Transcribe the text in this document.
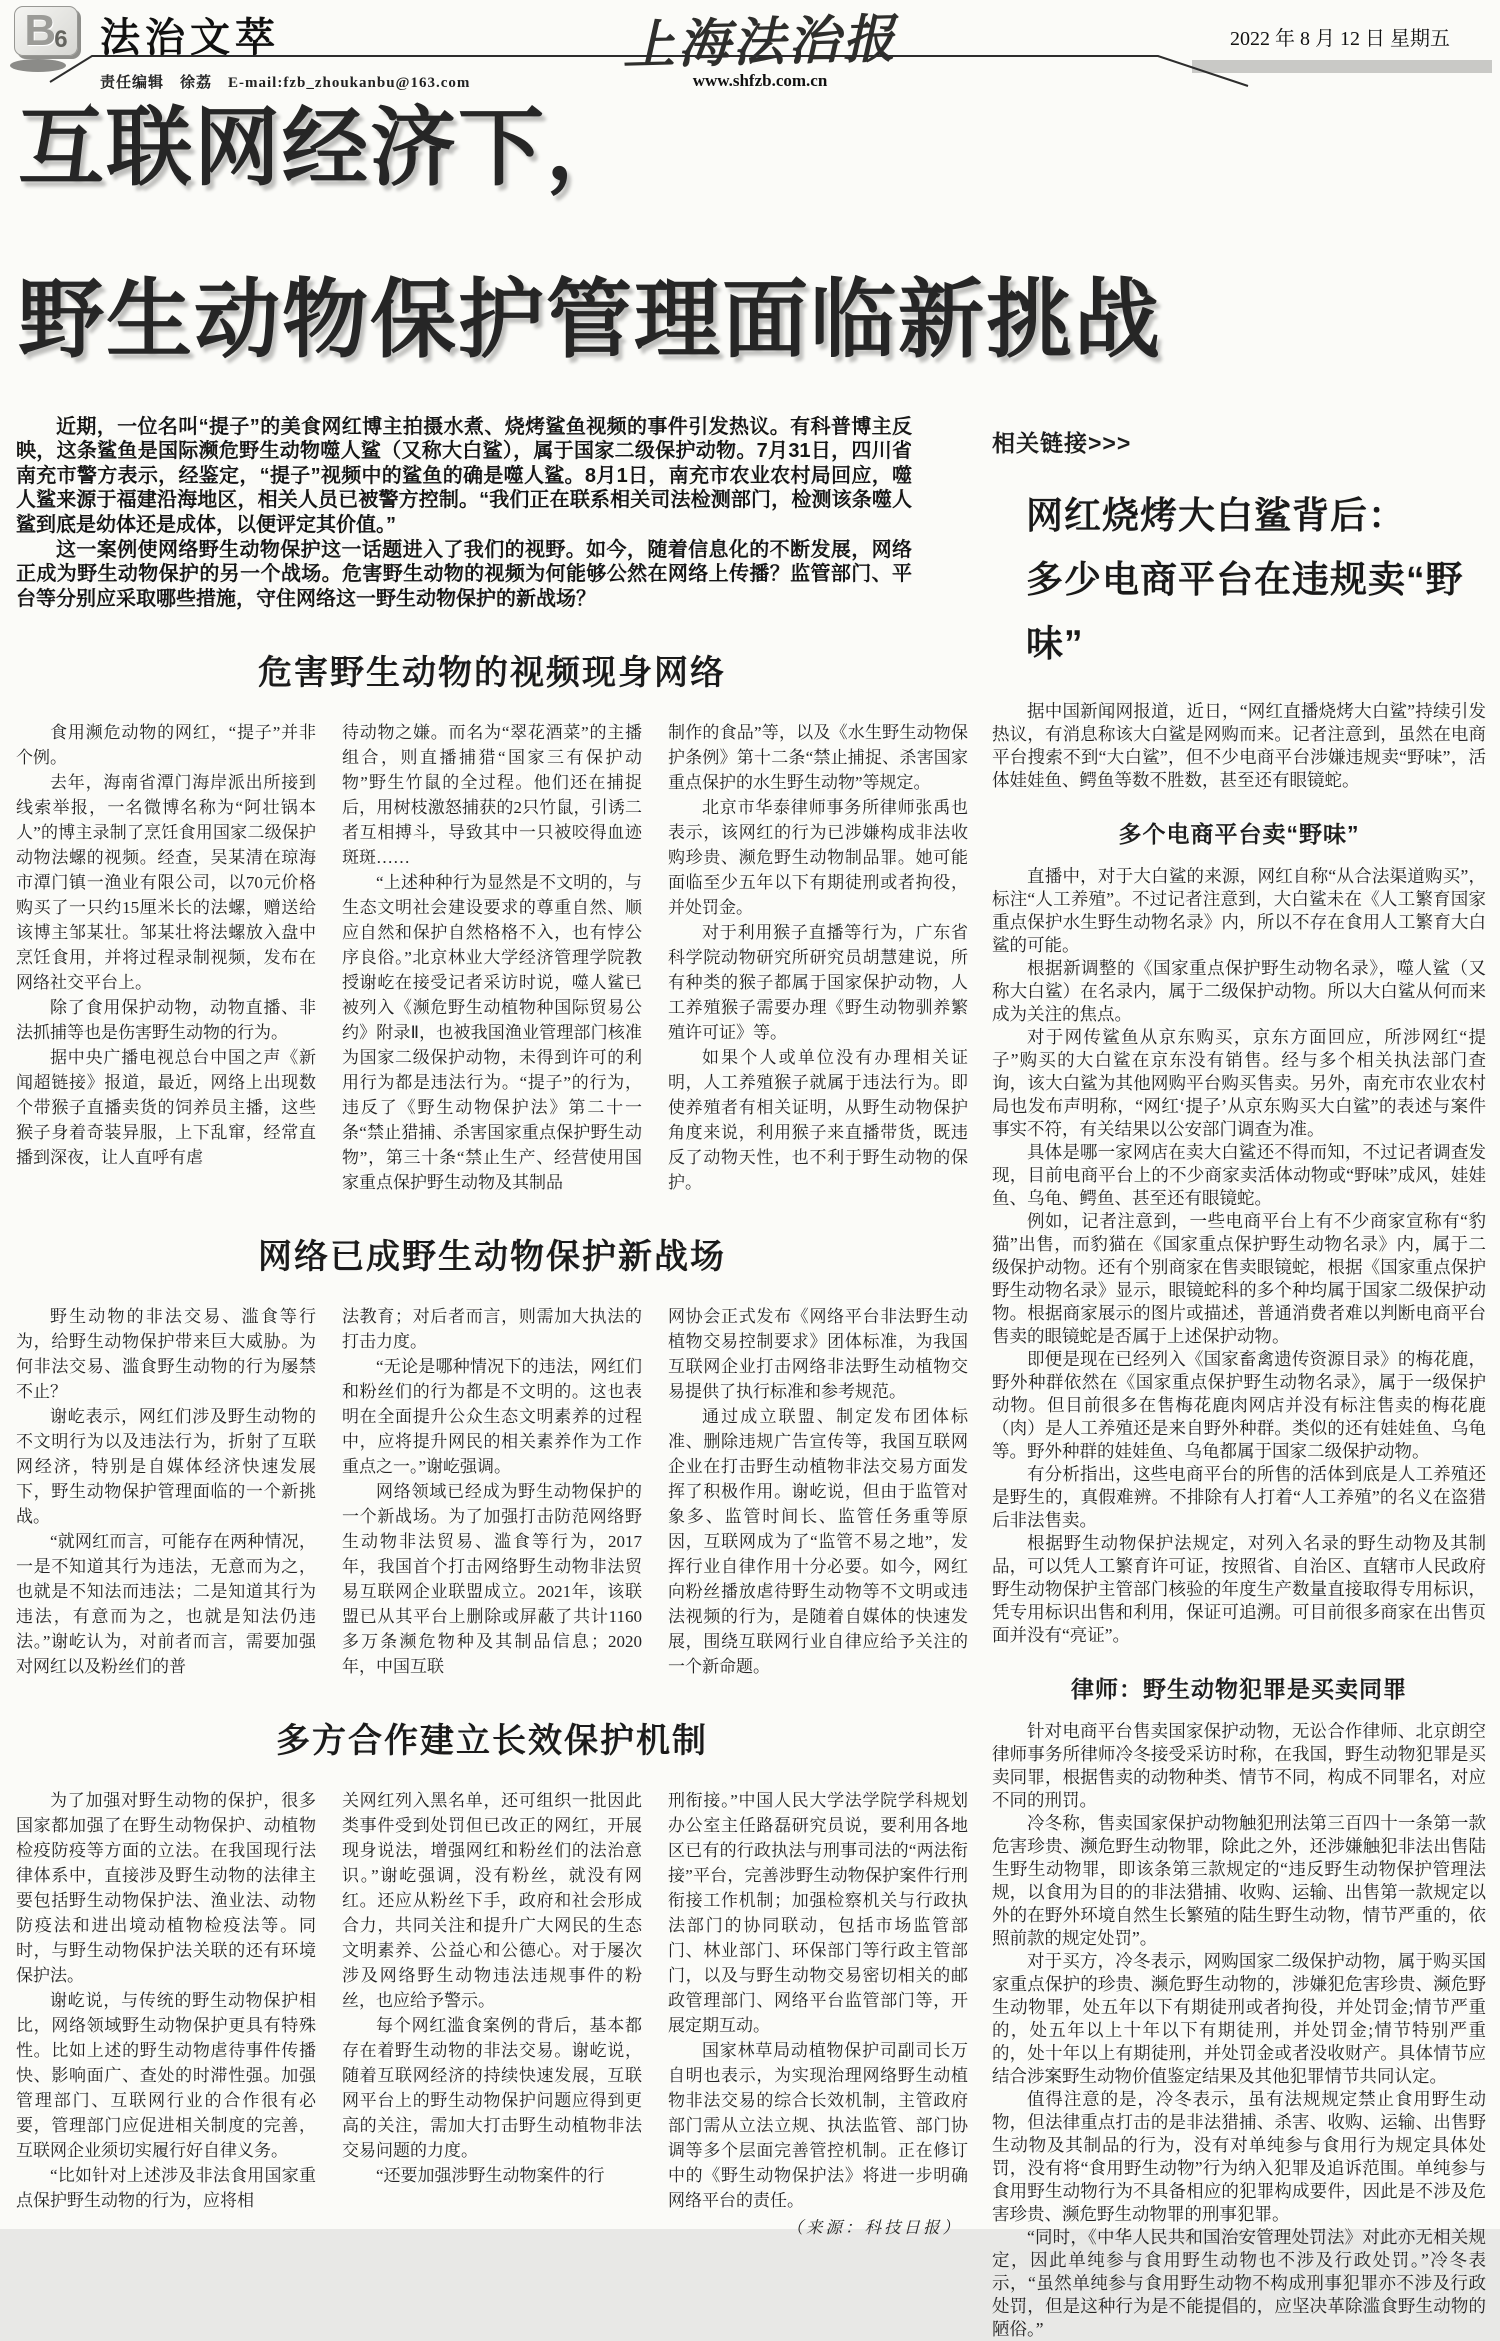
B
6 法治文萃
责任编辑　徐荔　E-mail:fzb_zhoukanbu@163.com
上海法治报
www.shfzb.com.cn
2022 年 8 月 12 日 星期五
互联网经济下，
野生动物保护管理面临新挑战

近期，一位名叫“提子”的美食网红博主拍摄水煮、烧烤鲨鱼视频的事件引发热议。有科普博主反映，这条鲨鱼是国际濒危野生动物噬人鲨（又称大白鲨），属于国家二级保护动物。7月31日，四川省南充市警方表示，经鉴定，“提子”视频中的鲨鱼的确是噬人鲨。8月1日，南充市农业农村局回应，噬人鲨来源于福建沿海地区，相关人员已被警方控制。“我们正在联系相关司法检测部门，检测该条噬人鲨到底是幼体还是成体，以便评定其价值。”

这一案例使网络野生动物保护这一话题进入了我们的视野。如今，随着信息化的不断发展，网络正成为野生动物保护的另一个战场。危害野生动物的视频为何能够公然在网络上传播？监管部门、平台等分别应采取哪些措施，守住网络这一野生动物保护的新战场？

危害野生动物的视频现身网络

食用濒危动物的网红，“提子”并非个例。

去年，海南省潭门海岸派出所接到线索举报，一名微博名称为“阿壮锅本人”的博主录制了烹饪食用国家二级保护动物法螺的视频。经查，吴某清在琼海市潭门镇一渔业有限公司，以70元价格购买了一只约15厘米长的法螺，赠送给该博主邹某壮。邹某壮将法螺放入盘中烹饪食用，并将过程录制视频，发布在网络社交平台上。

除了食用保护动物，动物直播、非法抓捕等也是伤害野生动物的行为。

据中央广播电视总台中国之声《新闻超链接》报道，最近，网络上出现数个带猴子直播卖货的饲养员主播，这些猴子身着奇装异服，上下乱窜，经常直播到深夜，让人直呼有虐

待动物之嫌。而名为“翠花酒菜”的主播组合，则直播捕猎“国家三有保护动物”野生竹鼠的全过程。他们还在捕捉后，用树枝激怒捕获的2只竹鼠，引诱二者互相搏斗，导致其中一只被咬得血迹斑斑……

“上述种种行为显然是不文明的，与生态文明社会建设要求的尊重自然、顺应自然和保护自然格格不入，也有悖公序良俗。”北京林业大学经济管理学院教授谢屹在接受记者采访时说，噬人鲨已被列入《濒危野生动植物种国际贸易公约》附录Ⅱ，也被我国渔业管理部门核准为国家二级保护动物，未得到许可的利用行为都是违法行为。“提子”的行为，违反了《野生动物保护法》第二十一条“禁止猎捕、杀害国家重点保护野生动物”，第三十条“禁止生产、经营使用国家重点保护野生动物及其制品

制作的食品”等，以及《水生野生动物保护条例》第十二条“禁止捕捉、杀害国家重点保护的水生野生动物”等规定。

北京市华泰律师事务所律师张禹也表示，该网红的行为已涉嫌构成非法收购珍贵、濒危野生动物制品罪。她可能面临至少五年以下有期徒刑或者拘役，并处罚金。

对于利用猴子直播等行为，广东省科学院动物研究所研究员胡慧建说，所有种类的猴子都属于国家保护动物，人工养殖猴子需要办理《野生动物驯养繁殖许可证》等。

如果个人或单位没有办理相关证明，人工养殖猴子就属于违法行为。即使养殖者有相关证明，从野生动物保护角度来说，利用猴子来直播带货，既违反了动物天性，也不利于野生动物的保护。

网络已成野生动物保护新战场

野生动物的非法交易、滥食等行为，给野生动物保护带来巨大威胁。为何非法交易、滥食野生动物的行为屡禁不止？

谢屹表示，网红们涉及野生动物的不文明行为以及违法行为，折射了互联网经济，特别是自媒体经济快速发展下，野生动物保护管理面临的一个新挑战。

“就网红而言，可能存在两种情况，一是不知道其行为违法，无意而为之，也就是不知法而违法；二是知道其行为违法，有意而为之，也就是知法仍违法。”谢屹认为，对前者而言，需要加强对网红以及粉丝们的普

法教育；对后者而言，则需加大执法的打击力度。

“无论是哪种情况下的违法，网红们和粉丝们的行为都是不文明的。这也表明在全面提升公众生态文明素养的过程中，应将提升网民的相关素养作为工作重点之一。”谢屹强调。

网络领域已经成为野生动物保护的一个新战场。为了加强打击防范网络野生动物非法贸易、滥食等行为，2017年，我国首个打击网络野生动物非法贸易互联网企业联盟成立。2021年，该联盟已从其平台上删除或屏蔽了共计1160多万条濒危物种及其制品信息；2020年，中国互联

网协会正式发布《网络平台非法野生动植物交易控制要求》团体标准，为我国互联网企业打击网络非法野生动植物交易提供了执行标准和参考规范。

通过成立联盟、制定发布团体标准、删除违规广告宣传等，我国互联网企业在打击野生动植物非法交易方面发挥了积极作用。谢屹说，但由于监管对象多、监管时间长、监管任务重等原因，互联网成为了“监管不易之地”，发挥行业自律作用十分必要。如今，网红向粉丝播放虐待野生动物等不文明或违法视频的行为，是随着自媒体的快速发展，围绕互联网行业自律应给予关注的一个新命题。

多方合作建立长效保护机制

为了加强对野生动物的保护，很多国家都加强了在野生动物保护、动植物检疫防疫等方面的立法。在我国现行法律体系中，直接涉及野生动物的法律主要包括野生动物保护法、渔业法、动物防疫法和进出境动植物检疫法等。同时，与野生动物保护法关联的还有环境保护法。

谢屹说，与传统的野生动物保护相比，网络领域野生动物保护更具有特殊性。比如上述的野生动物虐待事件传播快、影响面广、查处的时滞性强。加强管理部门、互联网行业的合作很有必要，管理部门应促进相关制度的完善，互联网企业须切实履行好自律义务。

“比如针对上述涉及非法食用国家重点保护野生动物的行为，应将相

关网红列入黑名单，还可组织一批因此类事件受到处罚但已改正的网红，开展现身说法，增强网红和粉丝们的法治意识。”谢屹强调，没有粉丝，就没有网红。还应从粉丝下手，政府和社会形成合力，共同关注和提升广大网民的生态文明素养、公益心和公德心。对于屡次涉及网络野生动物违法违规事件的粉丝，也应给予警示。

每个网红滥食案例的背后，基本都存在着野生动物的非法交易。谢屹说，随着互联网经济的持续快速发展，互联网平台上的野生动物保护问题应得到更高的关注，需加大打击野生动植物非法交易问题的力度。

“还要加强涉野生动物案件的行

刑衔接。”中国人民大学法学院学科规划办公室主任路磊研究员说，要利用各地区已有的行政执法与刑事司法的“两法衔接”平台，完善涉野生动物保护案件行刑衔接工作机制；加强检察机关与行政执法部门的协同联动，包括市场监管部门、林业部门、环保部门等行政主管部门，以及与野生动物交易密切相关的邮政管理部门、网络平台监管部门等，开展定期互动。

国家林草局动植物保护司副司长万自明也表示，为实现治理网络野生动植物非法交易的综合长效机制，主管政府部门需从立法立规、执法监管、部门协调等多个层面完善管控机制。正在修订中的《野生动物保护法》将进一步明确网络平台的责任。

（来源：科技日报）

相关链接>>>
网红烧烤大白鲨背后：
多少电商平台在违规卖“野味”

据中国新闻网报道，近日，“网红直播烧烤大白鲨”持续引发热议，有消息称该大白鲨是网购而来。记者注意到，虽然在电商平台搜索不到“大白鲨”，但不少电商平台涉嫌违规卖“野味”，活体娃娃鱼、鳄鱼等数不胜数，甚至还有眼镜蛇。

多个电商平台卖“野味”

直播中，对于大白鲨的来源，网红自称“从合法渠道购买”，标注“人工养殖”。不过记者注意到，大白鲨未在《人工繁育国家重点保护水生野生动物名录》内，所以不存在食用人工繁育大白鲨的可能。

根据新调整的《国家重点保护野生动物名录》，噬人鲨（又称大白鲨）在名录内，属于二级保护动物。所以大白鲨从何而来成为关注的焦点。

对于网传鲨鱼从京东购买，京东方面回应，所涉网红“提子”购买的大白鲨在京东没有销售。经与多个相关执法部门查询，该大白鲨为其他网购平台购买售卖。另外，南充市农业农村局也发布声明称，“网红‘提子’从京东购买大白鲨”的表述与案件事实不符，有关结果以公安部门调查为准。

具体是哪一家网店在卖大白鲨还不得而知，不过记者调查发现，目前电商平台上的不少商家卖活体动物或“野味”成风，娃娃鱼、乌龟、鳄鱼、甚至还有眼镜蛇。

例如，记者注意到，一些电商平台上有不少商家宣称有“豹猫”出售，而豹猫在《国家重点保护野生动物名录》内，属于二级保护动物。还有个别商家在售卖眼镜蛇，根据《国家重点保护野生动物名录》显示，眼镜蛇科的多个种均属于国家二级保护动物。根据商家展示的图片或描述，普通消费者难以判断电商平台售卖的眼镜蛇是否属于上述保护动物。

即便是现在已经列入《国家畜禽遗传资源目录》的梅花鹿，野外种群依然在《国家重点保护野生动物名录》，属于一级保护动物。但目前很多在售梅花鹿肉网店并没有标注售卖的梅花鹿（肉）是人工养殖还是来自野外种群。类似的还有娃娃鱼、乌龟等。野外种群的娃娃鱼、乌龟都属于国家二级保护动物。

有分析指出，这些电商平台的所售的活体到底是人工养殖还是野生的，真假难辨。不排除有人打着“人工养殖”的名义在盗猎后非法售卖。

根据野生动物保护法规定，对列入名录的野生动物及其制品，可以凭人工繁育许可证，按照省、自治区、直辖市人民政府野生动物保护主管部门核验的年度生产数量直接取得专用标识，凭专用标识出售和利用，保证可追溯。可目前很多商家在出售页面并没有“亮证”。

律师：野生动物犯罪是买卖同罪

针对电商平台售卖国家保护动物，无讼合作律师、北京朗空律师事务所律师冷冬接受采访时称，在我国，野生动物犯罪是买卖同罪，根据售卖的动物种类、情节不同，构成不同罪名，对应不同的刑罚。

冷冬称，售卖国家保护动物触犯刑法第三百四十一条第一款危害珍贵、濒危野生动物罪，除此之外，还涉嫌触犯非法出售陆生野生动物罪，即该条第三款规定的“违反野生动物保护管理法规，以食用为目的的非法猎捕、收购、运输、出售第一款规定以外的在野外环境自然生长繁殖的陆生野生动物，情节严重的，依照前款的规定处罚”。

对于买方，冷冬表示，网购国家二级保护动物，属于购买国家重点保护的珍贵、濒危野生动物的，涉嫌犯危害珍贵、濒危野生动物罪，处五年以下有期徒刑或者拘役，并处罚金;情节严重的，处五年以上十年以下有期徒刑，并处罚金;情节特别严重的，处十年以上有期徒刑，并处罚金或者没收财产。具体情节应结合涉案野生动物价值鉴定结果及其他犯罪情节共同认定。

值得注意的是，冷冬表示，虽有法规规定禁止食用野生动物，但法律重点打击的是非法猎捕、杀害、收购、运输、出售野生动物及其制品的行为，没有对单纯参与食用行为规定具体处罚，没有将“食用野生动物”行为纳入犯罪及追诉范围。单纯参与食用野生动物行为不具备相应的犯罪构成要件，因此是不涉及危害珍贵、濒危野生动物罪的刑事犯罪。

“同时，《中华人民共和国治安管理处罚法》对此亦无相关规定，因此单纯参与食用野生动物也不涉及行政处罚。”冷冬表示，“虽然单纯参与食用野生动物不构成刑事犯罪亦不涉及行政处罚，但是这种行为是不能提倡的，应坚决革除滥食野生动物的陋俗。”
